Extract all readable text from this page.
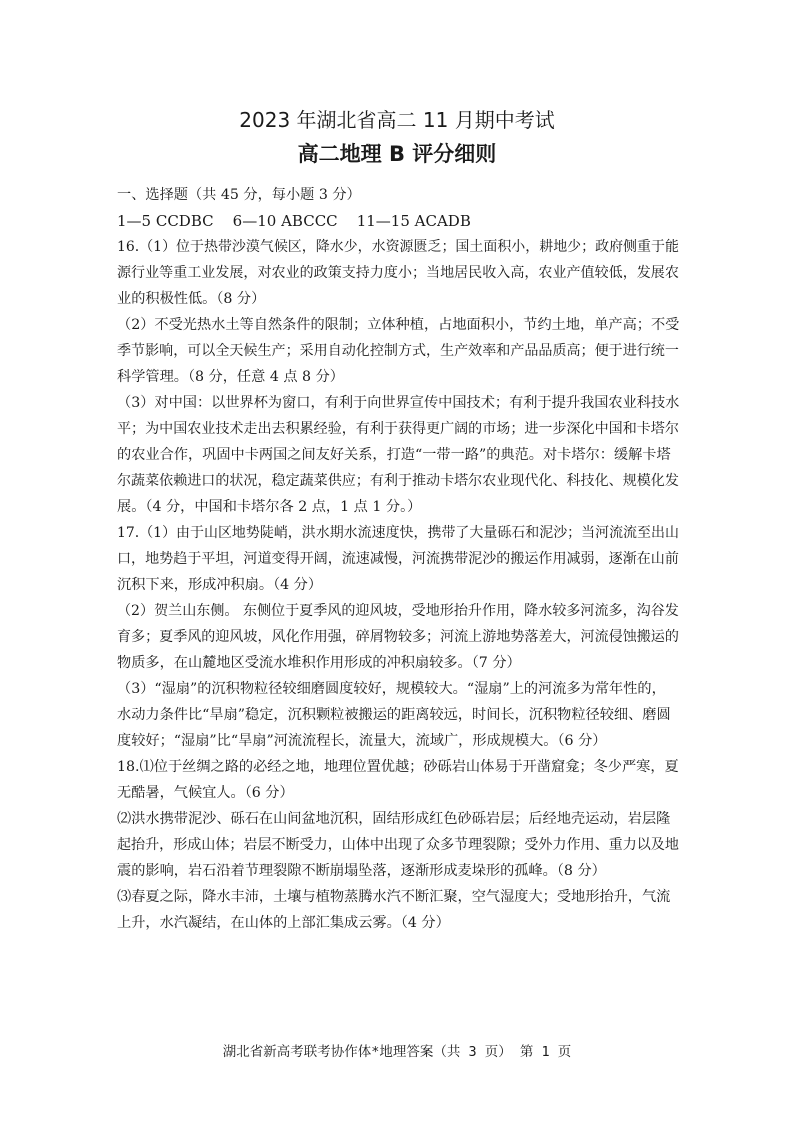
2023 年湖北省高二 11 月期中考试
高二地理 B 评分细则
一、选择题（共 45 分，每小题 3 分）
1—5 CCDBC    6—10 ABCCC    11—15 ACADB
16.（1）位于热带沙漠气候区，降水少，水资源匮乏；国土面积小，耕地少；政府侧重于能
源行业等重工业发展，对农业的政策支持力度小；当地居民收入高，农业产值较低，发展农
业的积极性低。（8 分）
（2）不受光热水土等自然条件的限制；立体种植，占地面积小，节约土地，单产高；不受
季节影响，可以全天候生产；采用自动化控制方式，生产效率和产品品质高；便于进行统一
科学管理。（8 分，任意 4 点 8 分）
（3）对中国：以世界杯为窗口，有利于向世界宣传中国技术；有利于提升我国农业科技水
平；为中国农业技术走出去积累经验，有利于获得更广阔的市场；进一步深化中国和卡塔尔
的农业合作，巩固中卡两国之间友好关系，打造“一带一路”的典范。对卡塔尔：缓解卡塔
尔蔬菜依赖进口的状况，稳定蔬菜供应；有利于推动卡塔尔农业现代化、科技化、规模化发
展。（4 分，中国和卡塔尔各 2 点，1 点 1 分。）
17.（1）由于山区地势陡峭，洪水期水流速度快，携带了大量砾石和泥沙；当河流流至出山
口，地势趋于平坦，河道变得开阔，流速减慢，河流携带泥沙的搬运作用减弱，逐渐在山前
沉积下来，形成冲积扇。（4 分）
（2）贺兰山东侧。 东侧位于夏季风的迎风坡，受地形抬升作用，降水较多河流多，沟谷发
育多；夏季风的迎风坡，风化作用强，碎屑物较多；河流上游地势落差大，河流侵蚀搬运的
物质多，在山麓地区受流水堆积作用形成的冲积扇较多。（7 分）
（3）“湿扇”的沉积物粒径较细磨圆度较好，规模较大。“湿扇”上的河流多为常年性的，
水动力条件比“旱扇”稳定，沉积颗粒被搬运的距离较远，时间长，沉积物粒径较细、磨圆
度较好；“湿扇”比“旱扇”河流流程长，流量大，流域广，形成规模大。（6 分）
18.⑴位于丝绸之路的必经之地，地理位置优越；砂砾岩山体易于开凿窟龛；冬少严寒，夏
无酷暑，气候宜人。（6 分）
⑵洪水携带泥沙、砾石在山间盆地沉积，固结形成红色砂砾岩层；后经地壳运动，岩层隆
起抬升，形成山体；岩层不断受力，山体中出现了众多节理裂隙；受外力作用、重力以及地
震的影响，岩石沿着节理裂隙不断崩塌坠落，逐渐形成麦垛形的孤峰。（8 分）
⑶春夏之际，降水丰沛，土壤与植物蒸腾水汽不断汇聚，空气湿度大；受地形抬升，气流
上升，水汽凝结，在山体的上部汇集成云雾。（4 分）
湖北省新高考联考协作体*地理答案（共 3 页） 第 1 页
